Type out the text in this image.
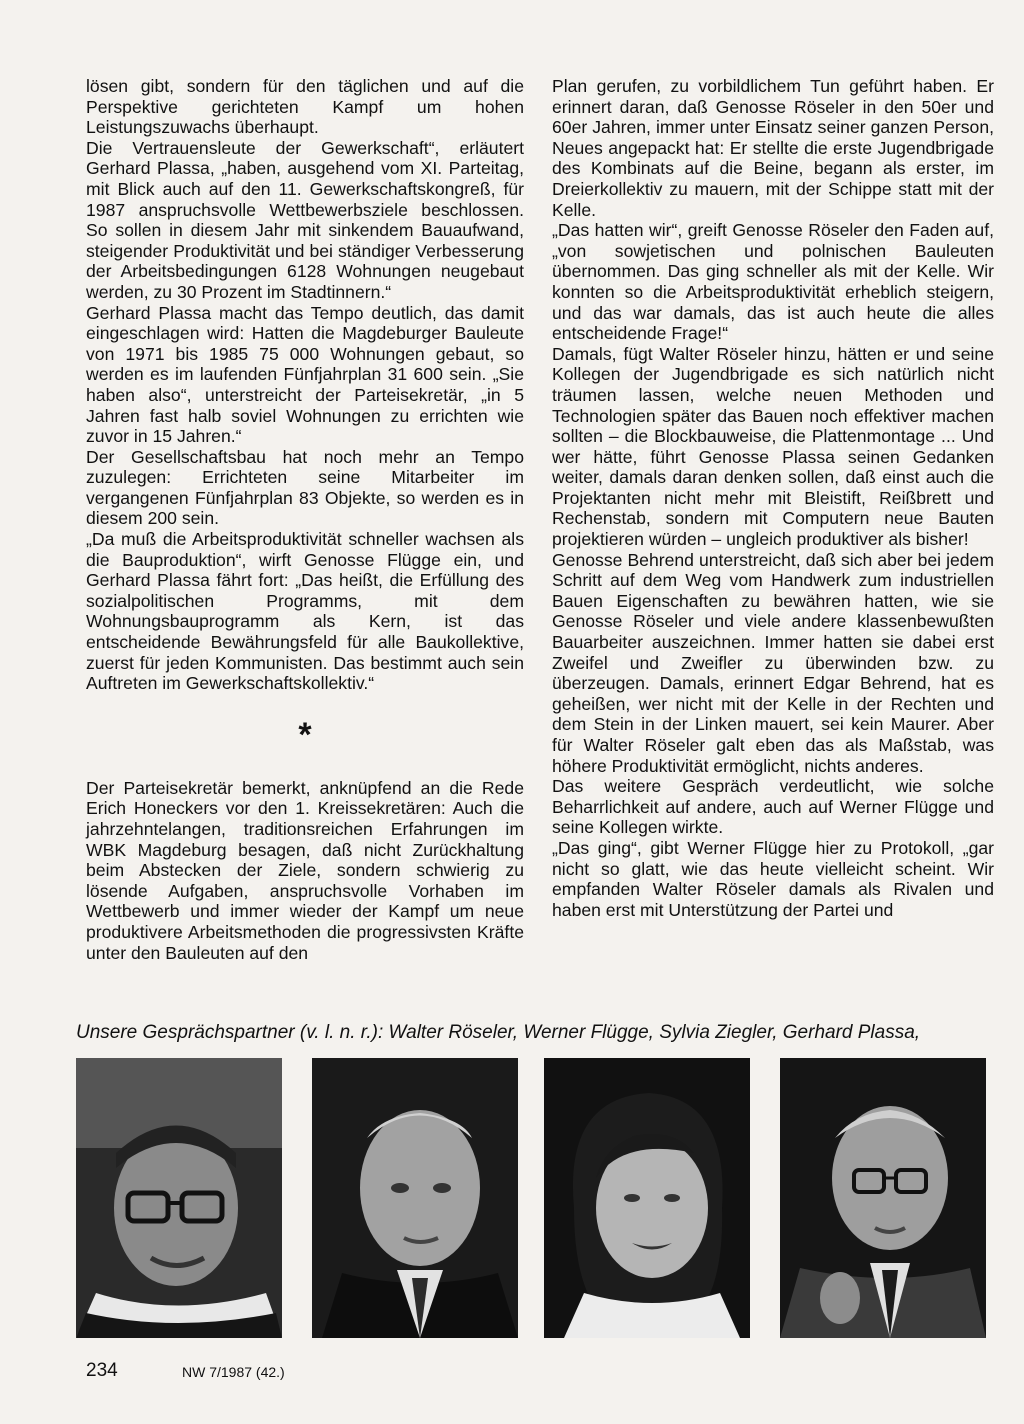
lösen gibt, sondern für den täglichen und auf die Perspektive gerichteten Kampf um hohen Leistungszuwachs überhaupt.

Die Vertrauensleute der Gewerkschaft“, erläutert Gerhard Plassa, „haben, ausgehend vom XI. Parteitag, mit Blick auch auf den 11. Gewerkschaftskongreß, für 1987 anspruchsvolle Wettbewerbsziele beschlossen. So sollen in diesem Jahr mit sinkendem Bauaufwand, steigender Produktivität und bei ständiger Verbesserung der Arbeitsbedingungen 6128 Wohnungen neugebaut werden, zu 30 Prozent im Stadtinnern.“

Gerhard Plassa macht das Tempo deutlich, das damit eingeschlagen wird: Hatten die Magdeburger Bauleute von 1971 bis 1985 75 000 Wohnungen gebaut, so werden es im laufenden Fünfjahrplan 31 600 sein. „Sie haben also“, unterstreicht der Parteisekretär, „in 5 Jahren fast halb soviel Wohnungen zu errichten wie zuvor in 15 Jahren.“

Der Gesellschaftsbau hat noch mehr an Tempo zuzulegen: Errichteten seine Mitarbeiter im vergangenen Fünfjahrplan 83 Objekte, so werden es in diesem 200 sein.

„Da muß die Arbeitsproduktivität schneller wachsen als die Bauproduktion“, wirft Genosse Flügge ein, und Gerhard Plassa fährt fort: „Das heißt, die Erfüllung des sozialpolitischen Programms, mit dem Wohnungsbauprogramm als Kern, ist das entscheidende Bewährungsfeld für alle Baukollektive, zuerst für jeden Kommunisten. Das bestimmt auch sein Auftreten im Gewerkschaftskollektiv.“

*

Der Parteisekretär bemerkt, anknüpfend an die Rede Erich Honeckers vor den 1. Kreissekretären: Auch die jahrzehntelangen, traditionsreichen Erfahrungen im WBK Magdeburg besagen, daß nicht Zurückhaltung beim Abstecken der Ziele, sondern schwierig zu lösende Aufgaben, anspruchsvolle Vorhaben im Wettbewerb und immer wieder der Kampf um neue produktivere Arbeitsmethoden die progressivsten Kräfte unter den Bauleuten auf den

Plan gerufen, zu vorbildlichem Tun geführt haben. Er erinnert daran, daß Genosse Röseler in den 50er und 60er Jahren, immer unter Einsatz seiner ganzen Person, Neues angepackt hat: Er stellte die erste Jugendbrigade des Kombinats auf die Beine, begann als erster, im Dreierkollektiv zu mauern, mit der Schippe statt mit der Kelle.

„Das hatten wir“, greift Genosse Röseler den Faden auf, „von sowjetischen und polnischen Bauleuten übernommen. Das ging schneller als mit der Kelle. Wir konnten so die Arbeitsproduktivität erheblich steigern, und das war damals, das ist auch heute die alles entscheidende Frage!“

Damals, fügt Walter Röseler hinzu, hätten er und seine Kollegen der Jugendbrigade es sich natürlich nicht träumen lassen, welche neuen Methoden und Technologien später das Bauen noch effektiver machen sollten – die Blockbauweise, die Plattenmontage ... Und wer hätte, führt Genosse Plassa seinen Gedanken weiter, damals daran denken sollen, daß einst auch die Projektanten nicht mehr mit Bleistift, Reißbrett und Rechenstab, sondern mit Computern neue Bauten projektieren würden – ungleich produktiver als bisher!

Genosse Behrend unterstreicht, daß sich aber bei jedem Schritt auf dem Weg vom Handwerk zum industriellen Bauen Eigenschaften zu bewähren hatten, wie sie Genosse Röseler und viele andere klassenbewußten Bauarbeiter auszeichnen. Immer hatten sie dabei erst Zweifel und Zweifler zu überwinden bzw. zu überzeugen. Damals, erinnert Edgar Behrend, hat es geheißen, wer nicht mit der Kelle in der Rechten und dem Stein in der Linken mauert, sei kein Maurer. Aber für Walter Röseler galt eben das als Maßstab, was höhere Produktivität ermöglicht, nichts anderes.

Das weitere Gespräch verdeutlicht, wie solche Beharrlichkeit auf andere, auch auf Werner Flügge und seine Kollegen wirkte.

„Das ging“, gibt Werner Flügge hier zu Protokoll, „gar nicht so glatt, wie das heute vielleicht scheint. Wir empfanden Walter Röseler damals als Rivalen und haben erst mit Unterstützung der Partei und

Unsere Gesprächspartner (v. l. n. r.): Walter Röseler, Werner Flügge, Sylvia Ziegler, Gerhard Plassa,
234	NW 7/1987 (42.)
